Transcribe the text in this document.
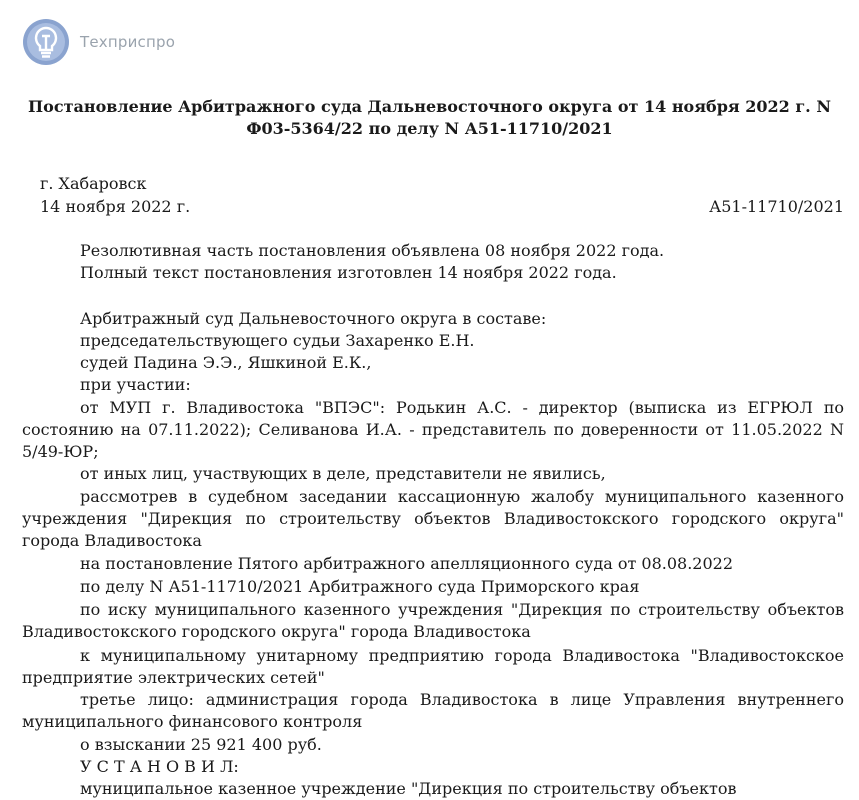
Техприспро
Постановление Арбитражного суда Дальневосточного округа от 14 ноября 2022 г. N Ф03-5364/22 по делу N А51-11710/2021
г. Хабаровск
14 ноября 2022 г.	А51-11710/2021
Резолютивная часть постановления объявлена 08 ноября 2022 года.
Полный текст постановления изготовлен 14 ноября 2022 года.
Арбитражный суд Дальневосточного округа в составе:
председательствующего судьи Захаренко Е.Н.
судей Падина Э.Э., Яшкиной Е.К.,
при участии:
от МУП г. Владивостока "ВПЭС": Родькин А.С. - директор (выписка из ЕГРЮЛ по состоянию на 07.11.2022); Селиванова И.А. - представитель по доверенности от 11.05.2022 N 5/49-ЮР;
от иных лиц, участвующих в деле, представители не явились,
рассмотрев в судебном заседании кассационную жалобу муниципального казенного учреждения "Дирекция по строительству объектов Владивостокского городского округа" города Владивостока
на постановление Пятого арбитражного апелляционного суда от 08.08.2022
по делу N А51-11710/2021 Арбитражного суда Приморского края
по иску муниципального казенного учреждения "Дирекция по строительству объектов Владивостокского городского округа" города Владивостока
к муниципальному унитарному предприятию города Владивостока "Владивостокское предприятие электрических сетей"
третье лицо: администрация города Владивостока в лице Управления внутреннего муниципального финансового контроля
о взыскании 25 921 400 руб.
У С Т А Н О В И Л:
муниципальное казенное учреждение "Дирекция по строительству объектов
